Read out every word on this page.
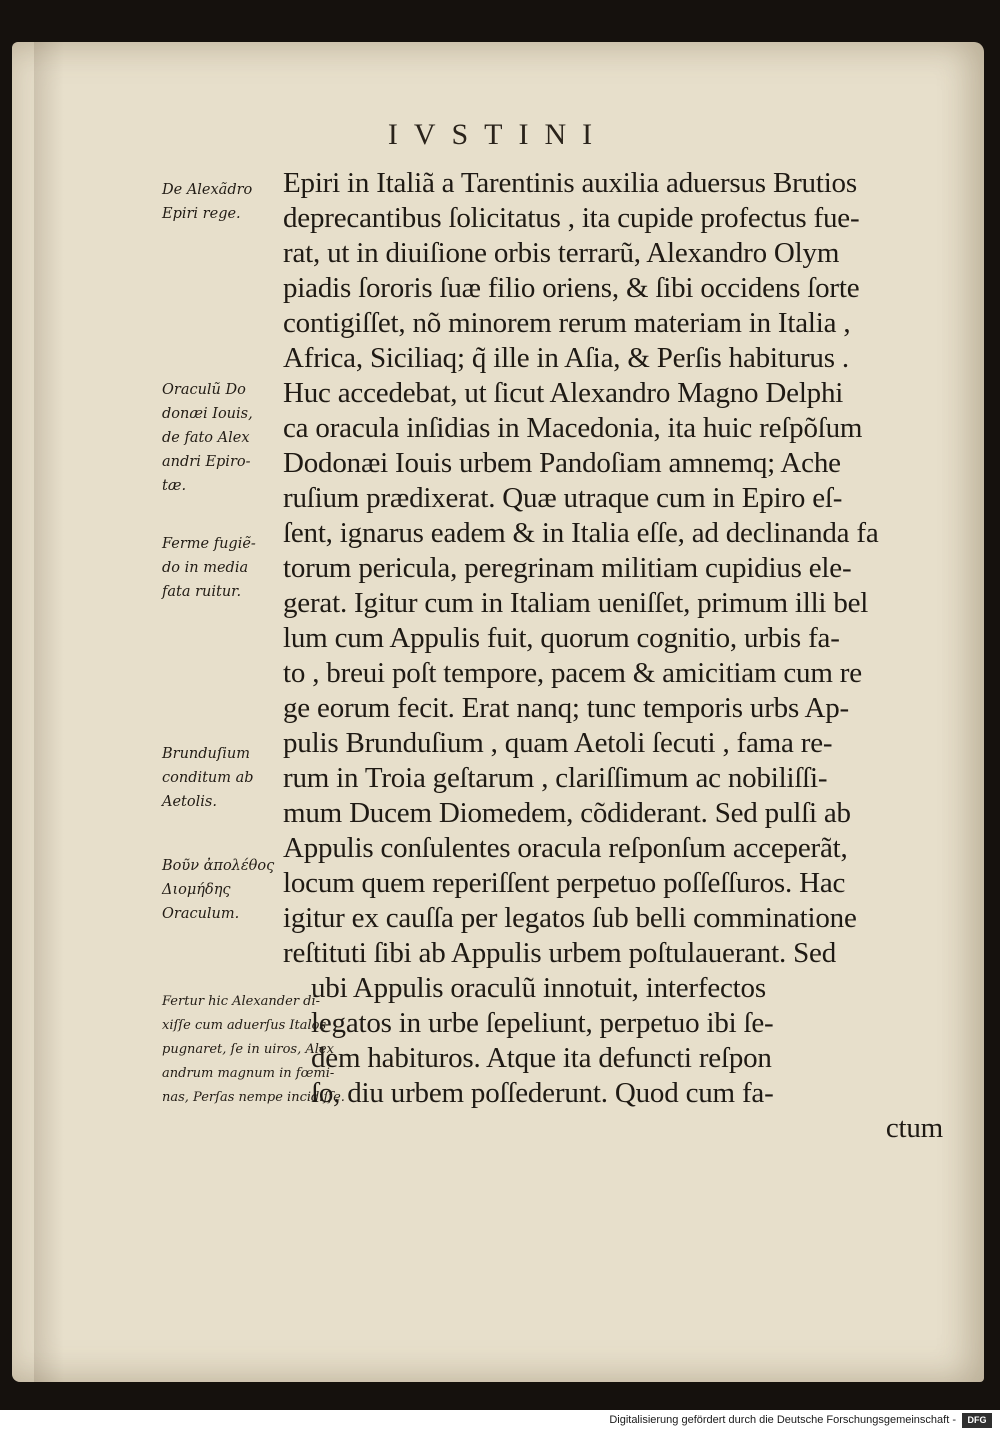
IVSTINI
Epiri in Italiã a Tarentinis auxilia aduersus Brutios
deprecantibus ſolicitatus , ita cupide profectus fue-
rat, ut in diuiſione orbis terrarũ, Alexandro Olym
piadis ſororis ſuæ filio oriens, & ſibi occidens ſorte
contigiſſet, nõ minorem rerum materiam in Italia ,
Africa, Siciliaq; q̃ ille in Aſia, & Perſis habiturus .
Huc accedebat, ut ſicut Alexandro Magno Delphi
ca oracula inſidias in Macedonia, ita huic reſpõſum
Dodonæi Iouis urbem Pandoſiam amnemq; Ache
ruſium prædixerat. Quæ utraque cum in Epiro eſ-
ſent, ignarus eadem & in Italia eſſe, ad declinanda fa
torum pericula, peregrinam militiam cupidius ele-
gerat. Igitur cum in Italiam ueniſſet, primum illi bel
lum cum Appulis fuit, quorum cognitio, urbis fa-
to , breui poſt tempore, pacem & amicitiam cum re
ge eorum fecit. Erat nanq; tunc temporis urbs Ap-
pulis Brunduſium , quam Aetoli ſecuti , fama re-
rum in Troia geſtarum , clariſſimum ac nobiliſſi-
mum Ducem Diomedem, cõdiderant. Sed pulſi ab
Appulis conſulentes oracula reſponſum acceperãt,
locum quem reperiſſent perpetuo poſſeſſuros. Hac
igitur ex cauſſa per legatos ſub belli comminatione
reſtituti ſibi ab Appulis urbem poſtulauerant. Sed
ubi Appulis oraculũ innotuit, interfectos
legatos in urbe ſepeliunt, perpetuo ibi ſe-
dem habituros. Atque ita defuncti reſpon
ſo, diu urbem poſſederunt. Quod cum fa-
ctum
De Alexãdro
Epiri rege.
Oraculũ Do
donæi Iouis,
de fato Alex
andri Epiro-
tæ.
Ferme fugiẽ-
do in media
fata ruitur.
Brunduſium
conditum ab
Aetolis.
Βοῦν ἀπολέθος
Διομήδης
Oraculum.
Fertur hic Alexander di-
xiſſe cum aduerſus Italos
pugnaret, ſe in uiros, Alex
andrum magnum in fœmi-
nas, Perſas nempe incidiſſe.
Digitalisierung gefördert durch die Deutsche Forschungsgemeinschaft -	DFG
